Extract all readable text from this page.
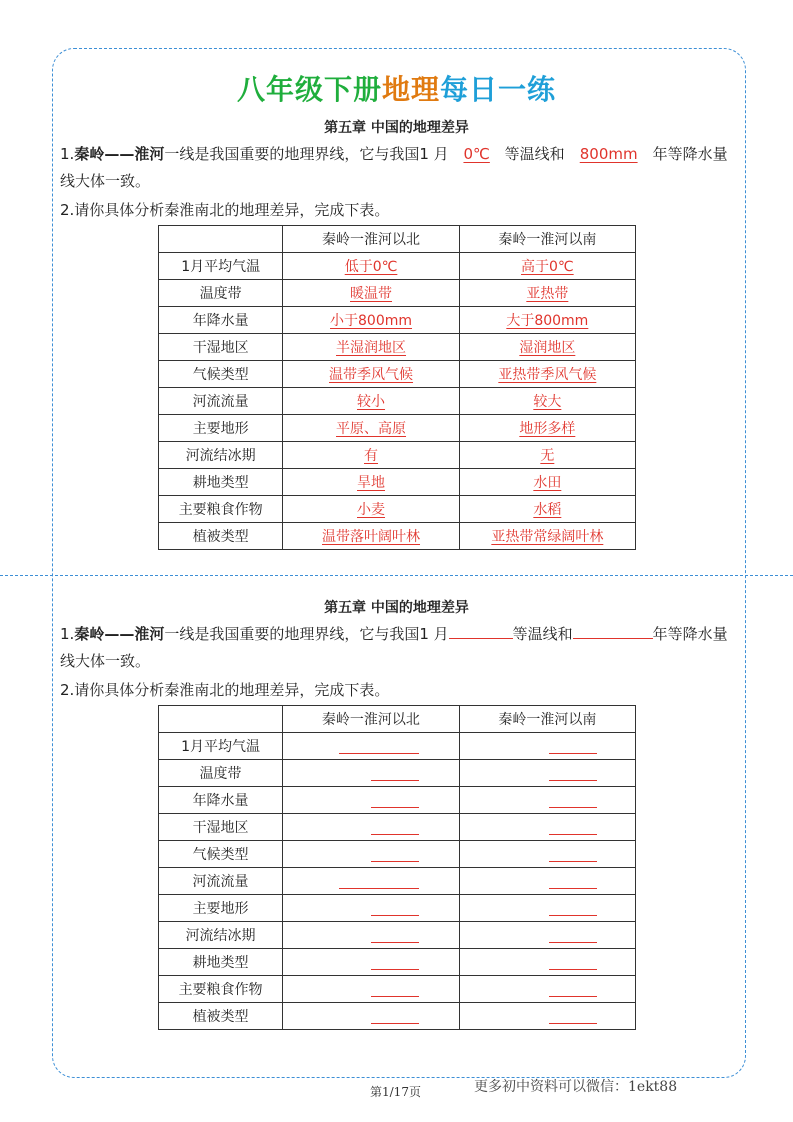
八年级下册地理每日一练
第五章 中国的地理差异
1.秦岭——淮河一线是我国重要的地理界线，它与我国1 月 0℃ 等温线和 800mm 年等降水量线大体一致。
2.请你具体分析秦淮南北的地理差异，完成下表。
	秦岭一淮河以北	秦岭一淮河以南
1月平均气温	低于0℃	高于0℃
温度带	暖温带	亚热带
年降水量	小于800mm	大于800mm
干湿地区	半湿润地区	湿润地区
气候类型	温带季风气候	亚热带季风气候
河流流量	较小	较大
主要地形	平原、高原	地形多样
河流结冰期	有	无
耕地类型	旱地	水田
主要粮食作物	小麦	水稻
植被类型	温带落叶阔叶林	亚热带常绿阔叶林
第五章 中国的地理差异
1.秦岭——淮河一线是我国重要的地理界线，它与我国1 月	等温线和	年等降水量线大体一致。
2.请你具体分析秦淮南北的地理差异，完成下表。
	秦岭一淮河以北	秦岭一淮河以南
1月平均气温		
温度带		
年降水量		
干湿地区		
气候类型		
河流流量		
主要地形		
河流结冰期		
耕地类型		
主要粮食作物		
植被类型		
第1/17页	更多初中资料可以微信：1ekt88
